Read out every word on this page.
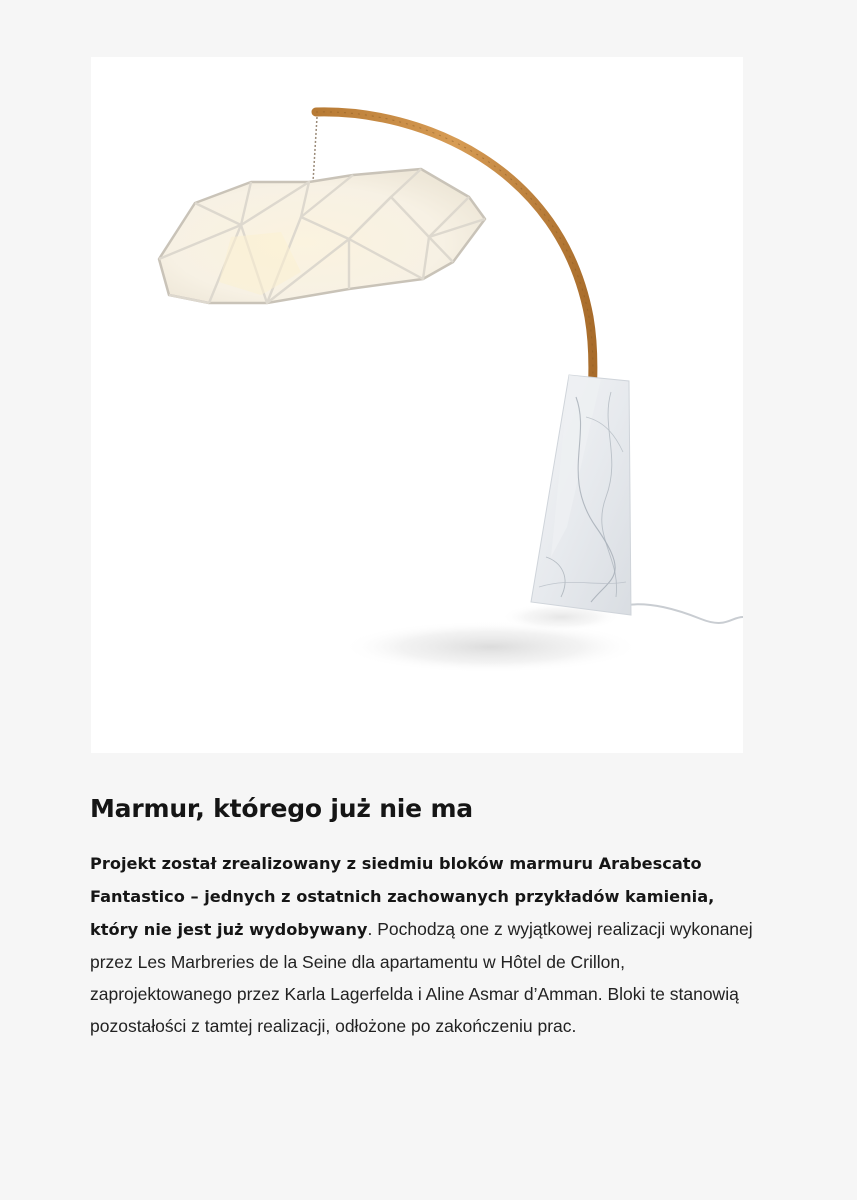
Marmur, którego już nie ma

Projekt został zrealizowany z siedmiu bloków marmuru Arabescato Fantastico – jednych z ostatnich zachowanych przykładów kamienia, który nie jest już wydobywany. Pochodzą one z wyjątkowej realizacji wykonanej przez Les Marbreries de la Seine dla apartamentu w Hôtel de Crillon, zaprojektowanego przez Karla Lagerfelda i Aline Asmar d’Amman. Bloki te stanowią pozostałości z tamtej realizacji, odłożone po zakończeniu prac.
